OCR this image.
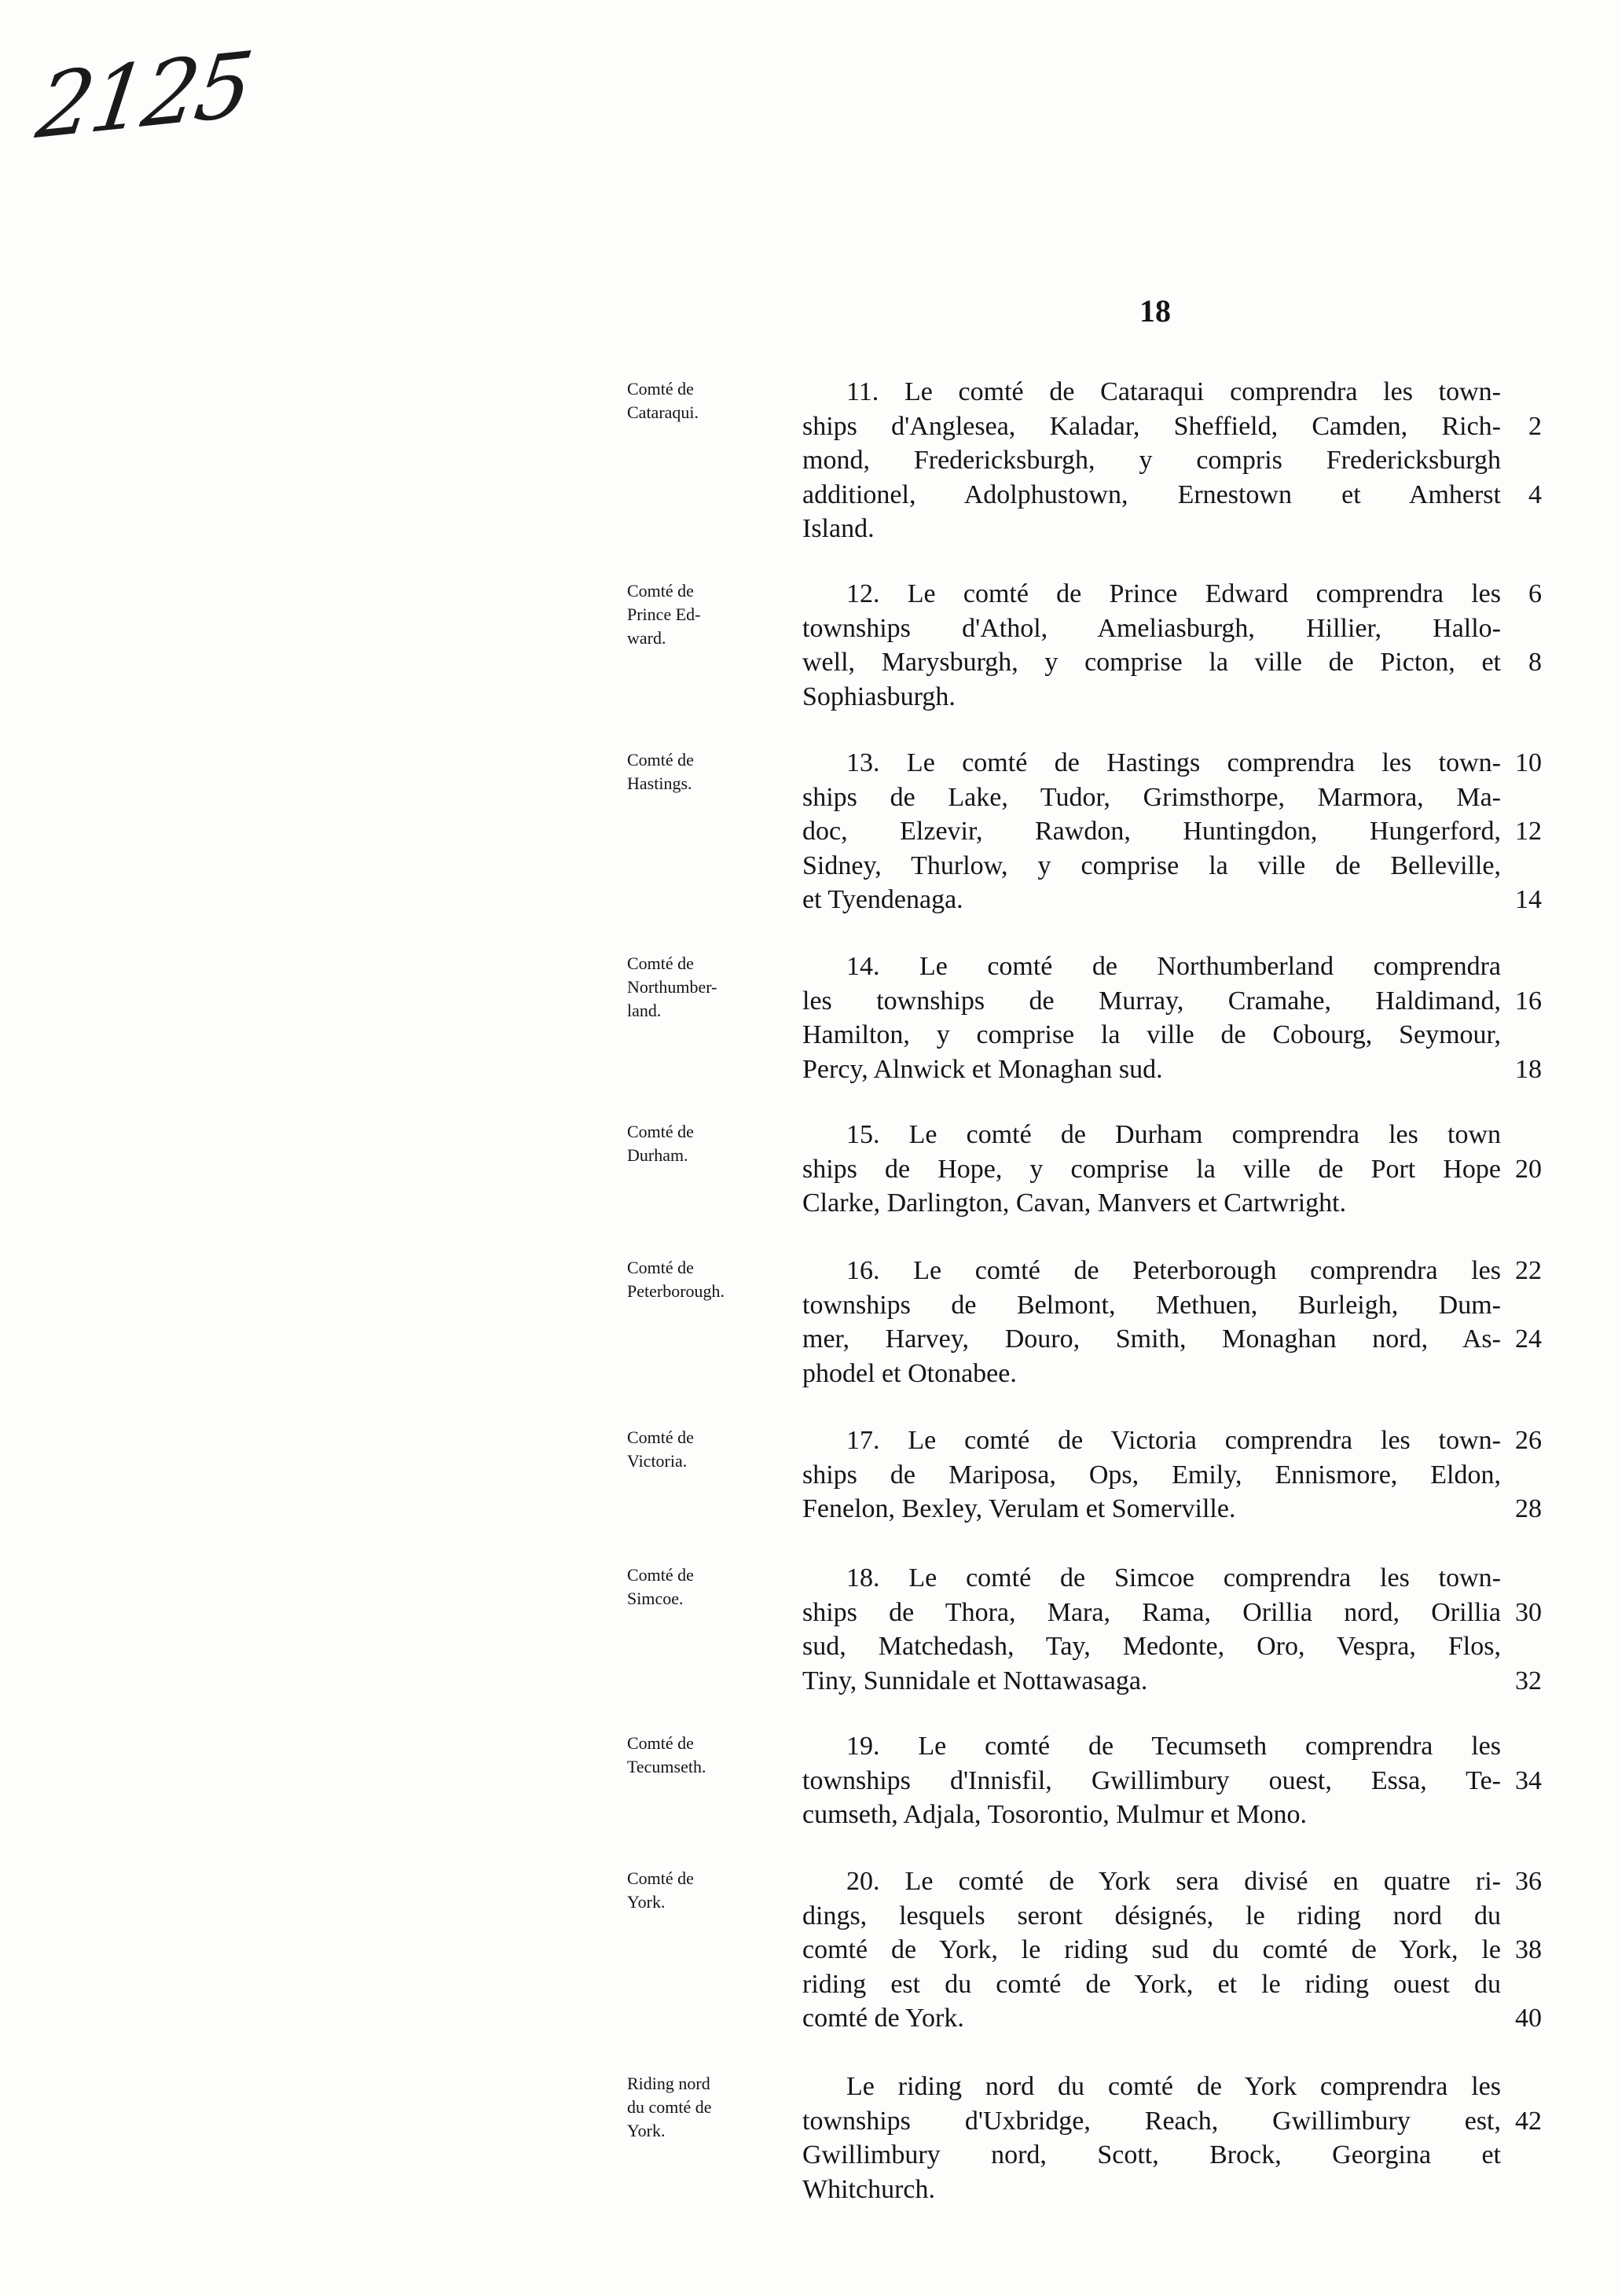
2125
18
Comté de
Cataraqui.
11. Le comté de Cataraqui comprendra les town-
ships d'Anglesea, Kaladar, Sheffield, Camden, Rich-	2
mond, Fredericksburgh, y compris Fredericksburgh
additionel, Adolphustown, Ernestown et Amherst	4
Island.
Comté de
Prince Ed-
ward.
12. Le comté de Prince Edward comprendra les	6
townships d'Athol, Ameliasburgh, Hillier, Hallo-
well, Marysburgh, y comprise la ville de Picton, et	8
Sophiasburgh.
Comté de
Hastings.
13. Le comté de Hastings comprendra les town- 10
ships de Lake, Tudor, Grimsthorpe, Marmora, Ma-
doc, Elzevir, Rawdon, Huntingdon, Hungerford, 12
Sidney, Thurlow, y comprise la ville de Belleville,
et Tyendenaga.	14
Comté de
Northumber-
land.
14. Le comté de Northumberland comprendra
les townships de Murray, Cramahe, Haldimand, 16
Hamilton, y comprise la ville de Cobourg, Seymour,
Percy, Alnwick et Monaghan sud.	18
Comté de
Durham.
15. Le comté de Durham comprendra les town
ships de Hope, y comprise la ville de Port Hope 20
Clarke, Darlington, Cavan, Manvers et Cartwright.
Comté de
Peterborough.
16. Le comté de Peterborough comprendra les 22
townships de Belmont, Methuen, Burleigh, Dum-
mer, Harvey, Douro, Smith, Monaghan nord, As- 24
phodel et Otonabee.
Comté de
Victoria.
17. Le comté de Victoria comprendra les town- 26
ships de Mariposa, Ops, Emily, Ennismore, Eldon,
Fenelon, Bexley, Verulam et Somerville.	28
Comté de
Simcoe.
18. Le comté de Simcoe comprendra les town-
ships de Thora, Mara, Rama, Orillia nord, Orillia 30
sud, Matchedash, Tay, Medonte, Oro, Vespra, Flos,
Tiny, Sunnidale et Nottawasaga.	32
Comté de
Tecumseth.
19. Le comté de Tecumseth comprendra les
townships d'Innisfil, Gwillimbury ouest, Essa, Te- 34
cumseth, Adjala, Tosorontio, Mulmur et Mono.
Comté de
York.
20. Le comté de York sera divisé en quatre ri- 36
dings, lesquels seront désignés, le riding nord du
comté de York, le riding sud du comté de York, le 38
riding est du comté de York, et le riding ouest du
comté de York.	40
Riding nord
du comté de
York.
Le riding nord du comté de York comprendra les
townships d'Uxbridge, Reach, Gwillimbury est, 42
Gwillimbury nord, Scott, Brock, Georgina et
Whitchurch.
